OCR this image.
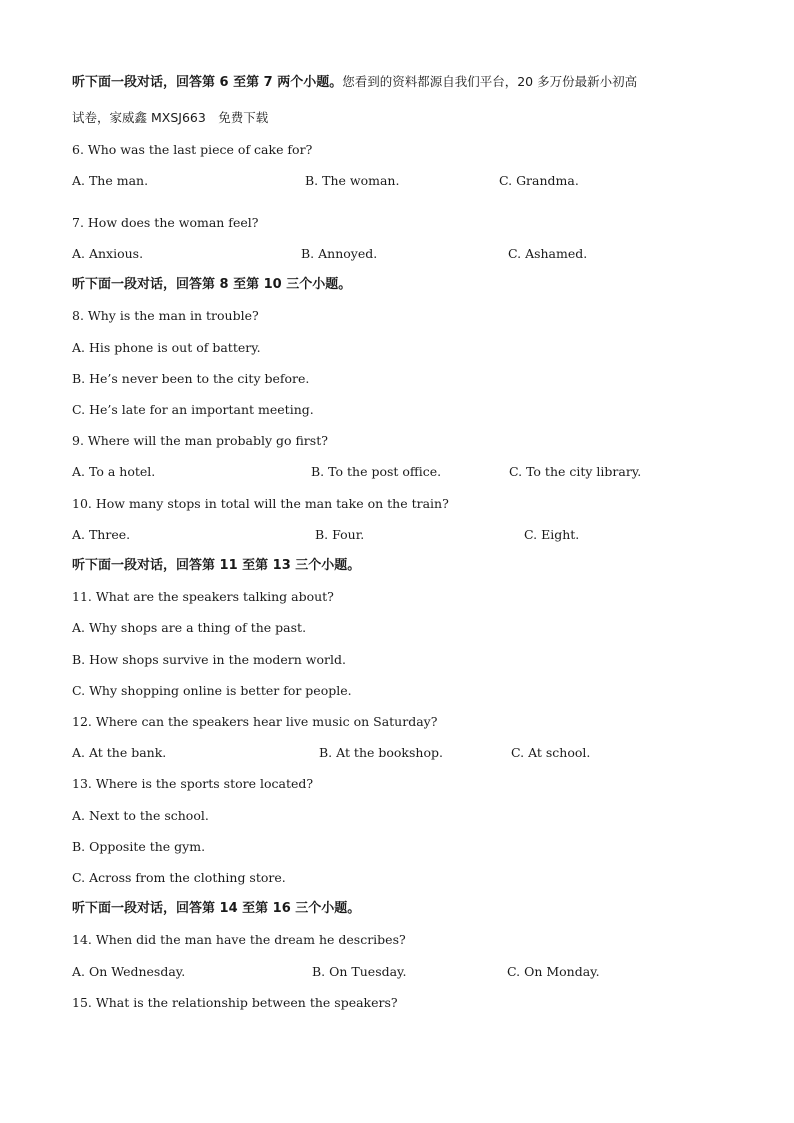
听下面一段对话，回答第 6 至第 7 两个小题。您看到的资料都源自我们平台，20 多万份最新小初高
试卷，家威鑫 MXSJ663　免费下载
6. Who was the last piece of cake for?
A. The man.	B. The woman.	C. Grandma.
7. How does the woman feel?
A. Anxious.	B. Annoyed.	C. Ashamed.
听下面一段对话，回答第 8 至第 10 三个小题。
8. Why is the man in trouble?
A. His phone is out of battery.
B. He’s never been to the city before.
C. He’s late for an important meeting.
9. Where will the man probably go first?
A. To a hotel.	B. To the post office.	C. To the city library.
10. How many stops in total will the man take on the train?
A. Three.	B. Four.	C. Eight.
听下面一段对话，回答第 11 至第 13 三个小题。
11. What are the speakers talking about?
A. Why shops are a thing of the past.
B. How shops survive in the modern world.
C. Why shopping online is better for people.
12. Where can the speakers hear live music on Saturday?
A. At the bank.	B. At the bookshop.	C. At school.
13. Where is the sports store located?
A. Next to the school.
B. Opposite the gym.
C. Across from the clothing store.
听下面一段对话，回答第 14 至第 16 三个小题。
14. When did the man have the dream he describes?
A. On Wednesday.	B. On Tuesday.	C. On Monday.
15. What is the relationship between the speakers?
